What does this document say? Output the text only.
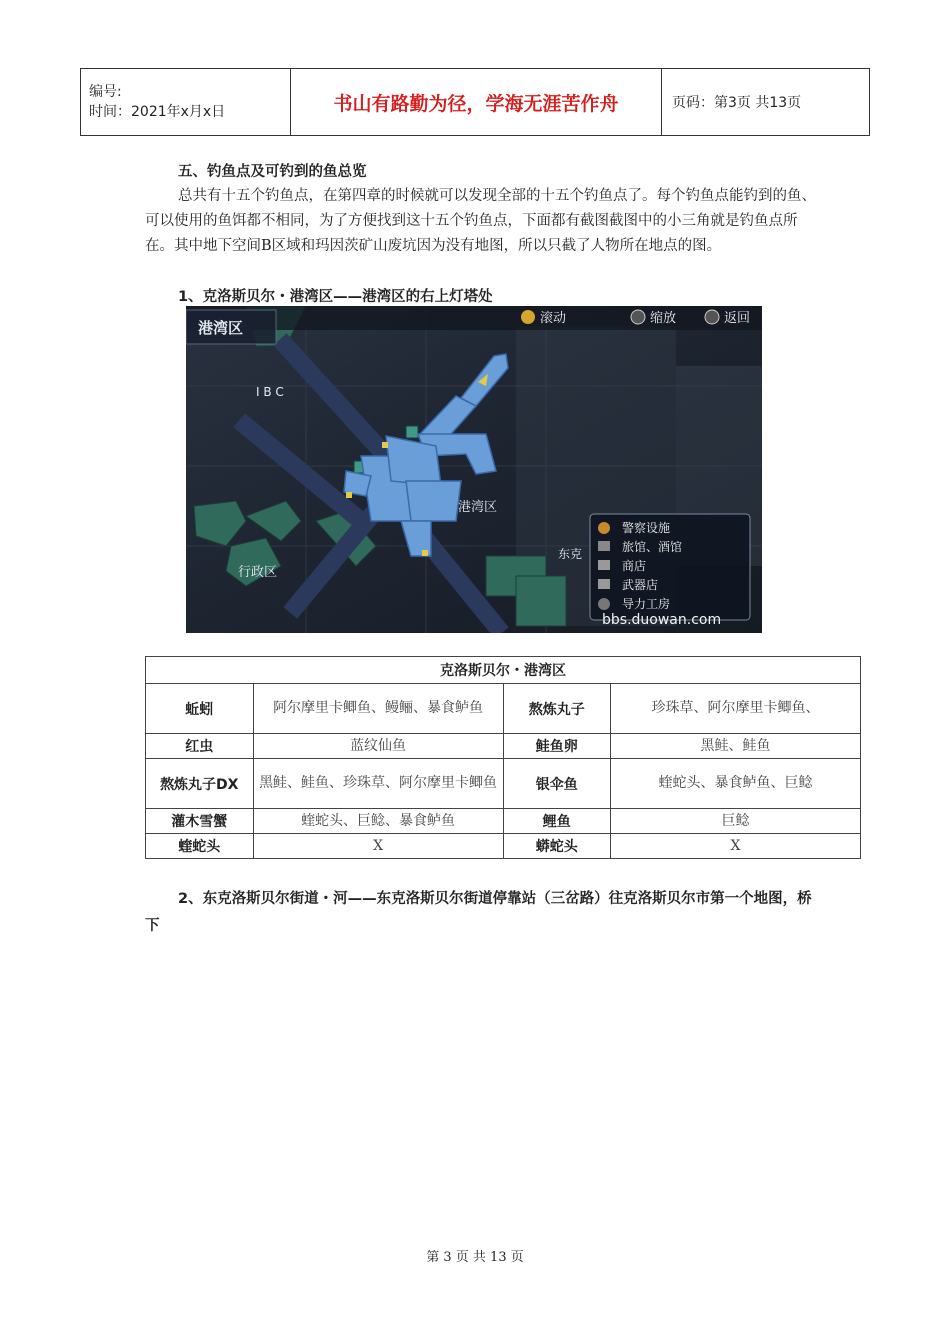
编号:
时间：2021年x月x日	书山有路勤为径，学海无涯苦作舟	页码：第3页 共13页
五、钓鱼点及可钓到的鱼总览
总共有十五个钓鱼点，在第四章的时候就可以发现全部的十五个钓鱼点了。每个钓鱼点能钓到的鱼、可以使用的鱼饵都不相同，为了方便找到这十五个钓鱼点，下面都有截图截图中的小三角就是钓鱼点所在。其中地下空间B区域和玛因茨矿山废坑因为没有地图，所以只截了人物所在地点的图。
1、克洛斯贝尔・港湾区——港湾区的右上灯塔处
港湾区
滚动	缩放	返回
I B C
港湾区
行政区
东克
警察设施
旅馆、酒馆
商店
武器店
导力工房
bbs.duowan.com
克洛斯贝尔・港湾区			
蚯蚓	阿尔摩里卡鲫鱼、鳗鲡、暴食鲈鱼	熬炼丸子	珍珠草、阿尔摩里卡鲫鱼、
红虫	蓝纹仙鱼	鲑鱼卵	黑鲑、鲑鱼
熬炼丸子DX	黑鲑、鲑鱼、珍珠草、阿尔摩里卡鲫鱼	银伞鱼	蝰蛇头、暴食鲈鱼、巨鲶
灌木雪蟹	蝰蛇头、巨鲶、暴食鲈鱼	鲤鱼	巨鲶
蝰蛇头	X	蟒蛇头	X
2、东克洛斯贝尔街道・河——东克洛斯贝尔街道停靠站（三岔路）往克洛斯贝尔市第一个地图，桥下
第 3 页 共 13 页
